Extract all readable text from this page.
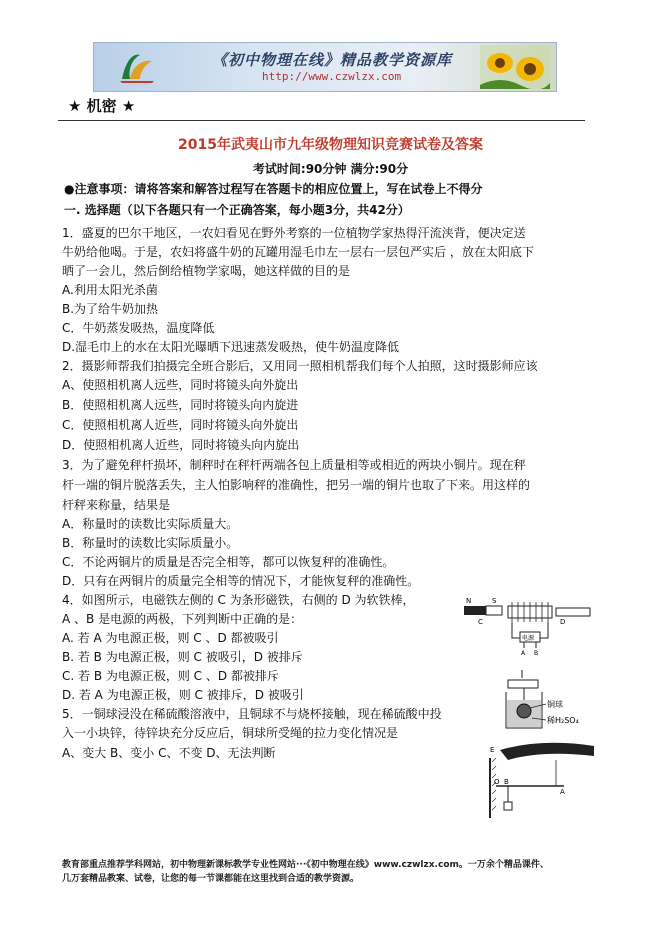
《初中物理在线》精品教学资源库
http://www.czwlzx.com
★ 机密 ★
2015年武夷山市九年级物理知识竞赛试卷及答案
考试时间:90分钟 满分:90分
●注意事项：请将答案和解答过程写在答题卡的相应位置上，写在试卷上不得分
一. 选择题（以下各题只有一个正确答案，每小题3分，共42分）
1．盛夏的巴尔干地区，一农妇看见在野外考察的一位植物学家热得汗流浃背，便决定送
牛奶给他喝。于是，农妇将盛牛奶的瓦罐用湿毛巾左一层右一层包严实后 ，放在太阳底下
晒了一会儿，然后倒给植物学家喝，她这样做的目的是
A.利用太阳光杀菌
B.为了给牛奶加热
C．牛奶蒸发吸热，温度降低
D.湿毛巾上的水在太阳光曝晒下迅速蒸发吸热，使牛奶温度降低
2．摄影师帮我们拍摄完全班合影后，又用同一照相机帮我们每个人拍照，这时摄影师应该
A、使照相机离人远些，同时将镜头向外旋出
B．使照相机离人远些，同时将镜头向内旋进
C．使照相机离人近些，同时将镜头向外旋出
D．使照相机离人近些，同时将镜头向内旋出
3．为了避免秤杆损坏，制秤时在秤杆两端各包上质量相等或相近的两块小铜片。现在秤
杆一端的铜片脱落丢失，主人怕影响秤的准确性，把另一端的铜片也取了下来。用这样的
杆秤来称量，结果是
A．称量时的读数比实际质量大。
B．称量时的读数比实际质量小。
C．不论两铜片的质量是否完全相等，都可以恢复秤的准确性。
D．只有在两铜片的质量完全相等的情况下，才能恢复秤的准确性。
4．如图所示，电磁铁左侧的 C 为条形磁铁，右侧的 D 为软铁棒，
A 、B 是电源的两极，下列判断中正确的是：
A. 若 A 为电源正极，则 C 、D 都被吸引
B. 若 B 为电源正极，则 C 被吸引，D 被排斥
C. 若 B 为电源正极，则 C 、D 都被排斥
D. 若 A 为电源正极，则 C 被排斥，D 被吸引
5．一铜球浸没在稀硫酸溶液中，且铜球不与烧杯接触，现在稀硫酸中投
入一小块锌，待锌块充分反应后，铜球所受绳的拉力变化情况是
A、变大 B、变小 C、不变 D、无法判断
N	S
C	D
电源
A B
铜球
稀H₂SO₄
E
O B
A
教育部重点推荐学科网站，初中物理新课标教学专业性网站···《初中物理在线》www.czwlzx.com。一万余个精品课件、
几万套精品教案、试卷，让您的每一节课都能在这里找到合适的教学资源。
